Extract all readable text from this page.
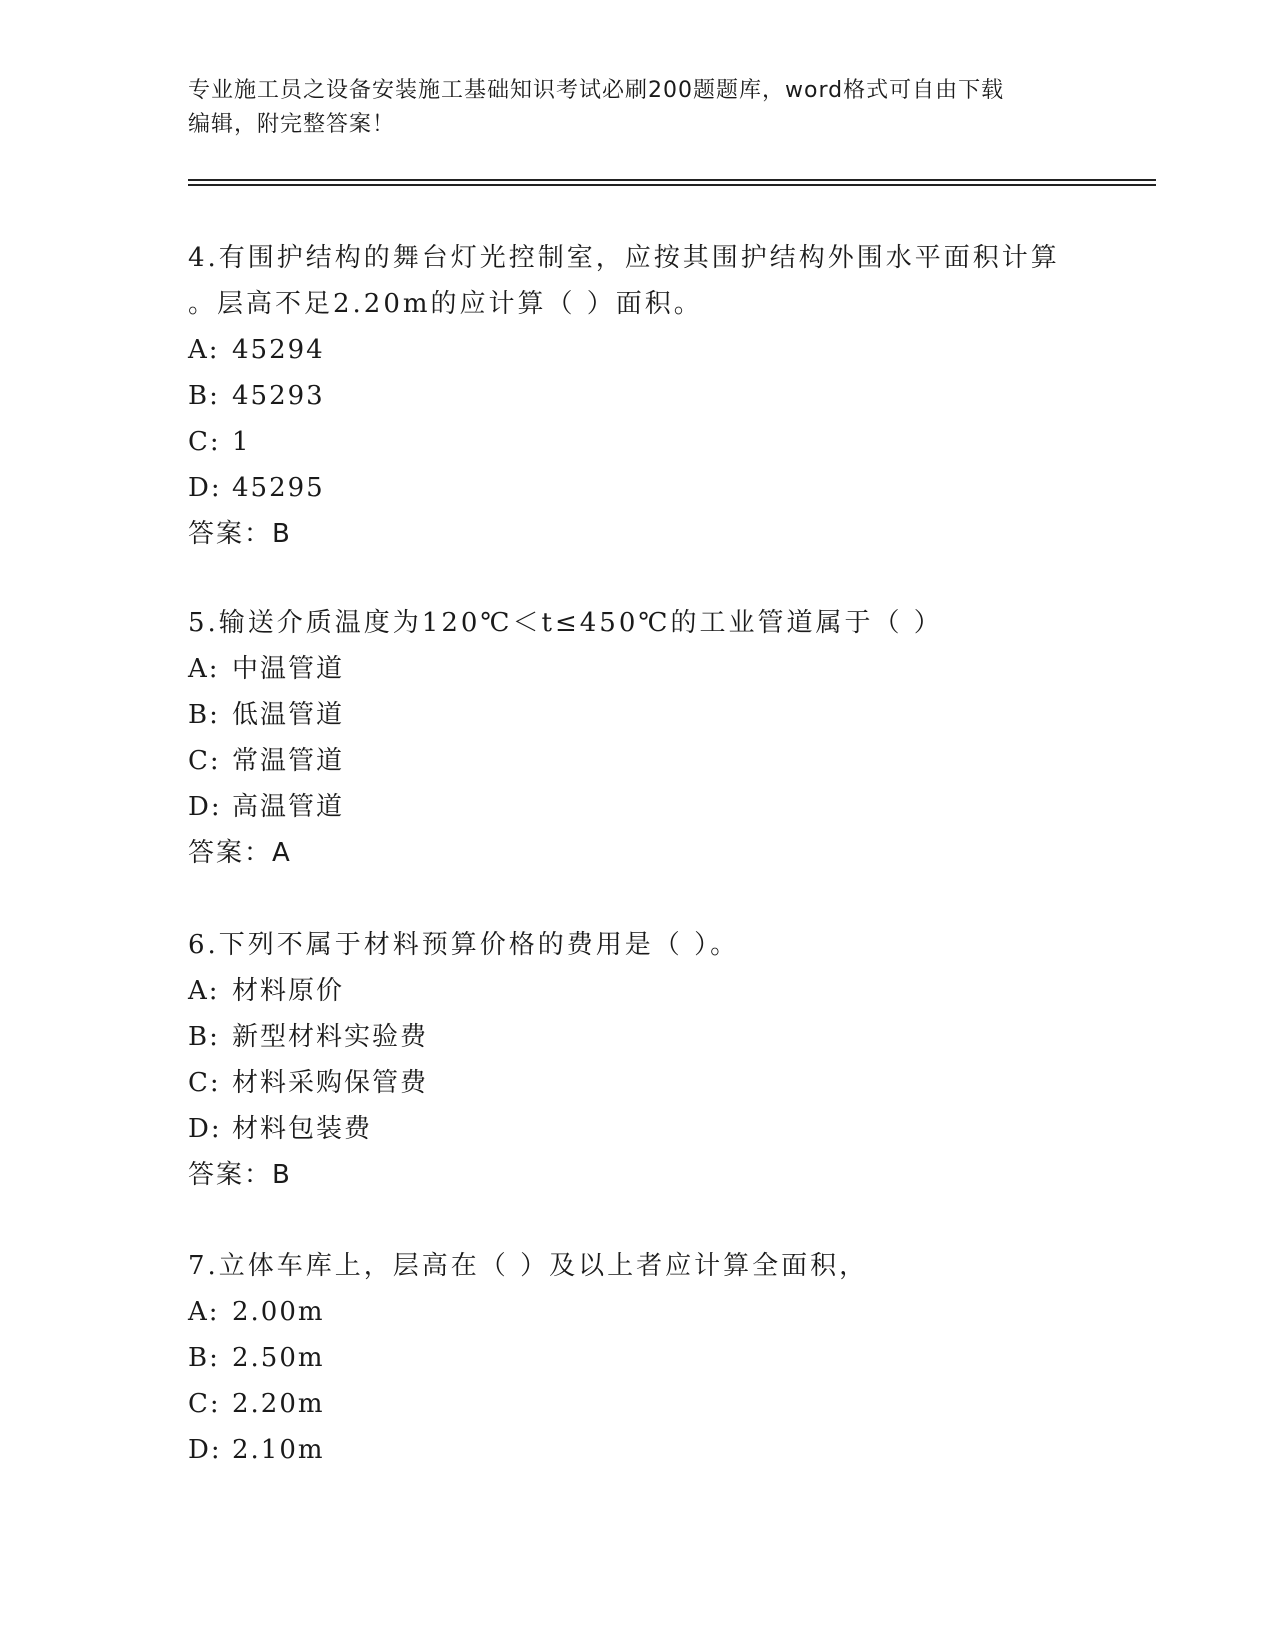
专业施工员之设备安装施工基础知识考试必刷200题题库，word格式可自由下载
编辑，附完整答案！
4.有围护结构的舞台灯光控制室，应按其围护结构外围水平面积计算
。层高不足2.20m的应计算（ ）面积。
A: 45294
B: 45293
C: 1
D: 45295
答案：B
5.输送介质温度为120℃＜t≤450℃的工业管道属于（ ）
A: 中温管道
B: 低温管道
C: 常温管道
D: 高温管道
答案：A
6.下列不属于材料预算价格的费用是（ ）。
A: 材料原价
B: 新型材料实验费
C: 材料采购保管费
D: 材料包装费
答案：B
7.立体车库上，层高在（ ）及以上者应计算全面积，
A: 2.00m
B: 2.50m
C: 2.20m
D: 2.10m
